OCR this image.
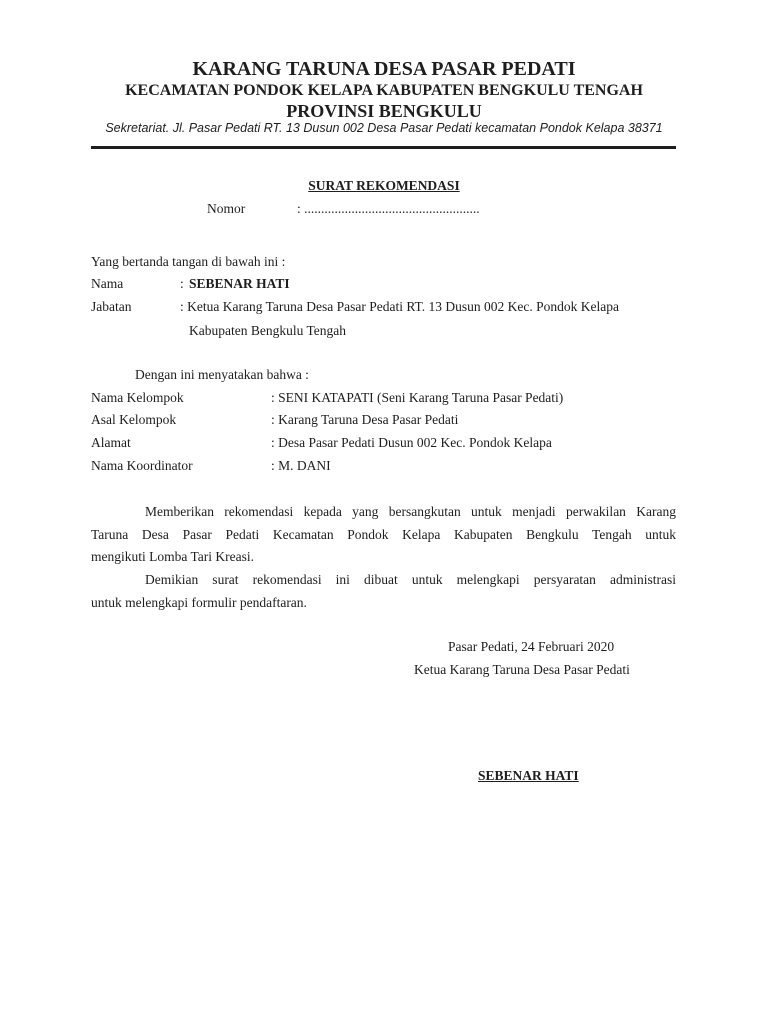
KARANG TARUNA DESA PASAR PEDATI
KECAMATAN PONDOK KELAPA KABUPATEN BENGKULU TENGAH
PROVINSI BENGKULU
Sekretariat. Jl. Pasar Pedati RT. 13 Dusun 002 Desa Pasar Pedati kecamatan Pondok Kelapa 38371
SURAT REKOMENDASI
Nomor	: ....................................................
Yang bertanda tangan di bawah ini :
Nama	: SEBENAR HATI
Jabatan	: Ketua Karang Taruna Desa Pasar Pedati RT. 13 Dusun 002 Kec. Pondok Kelapa
Kabupaten Bengkulu Tengah
Dengan ini menyatakan bahwa :
Nama Kelompok	: SENI KATAPATI (Seni Karang Taruna Pasar Pedati)
Asal Kelompok	: Karang Taruna Desa Pasar Pedati
Alamat	: Desa Pasar Pedati Dusun 002 Kec. Pondok Kelapa
Nama Koordinator	: M. DANI
Memberikan rekomendasi kepada yang bersangkutan untuk menjadi perwakilan Karang
Taruna Desa Pasar Pedati Kecamatan Pondok Kelapa Kabupaten Bengkulu Tengah untuk
mengikuti Lomba Tari Kreasi.
Demikian surat rekomendasi ini dibuat untuk melengkapi persyaratan administrasi
untuk melengkapi formulir pendaftaran.
Pasar Pedati, 24 Februari 2020
Ketua Karang Taruna Desa Pasar Pedati
SEBENAR HATI
